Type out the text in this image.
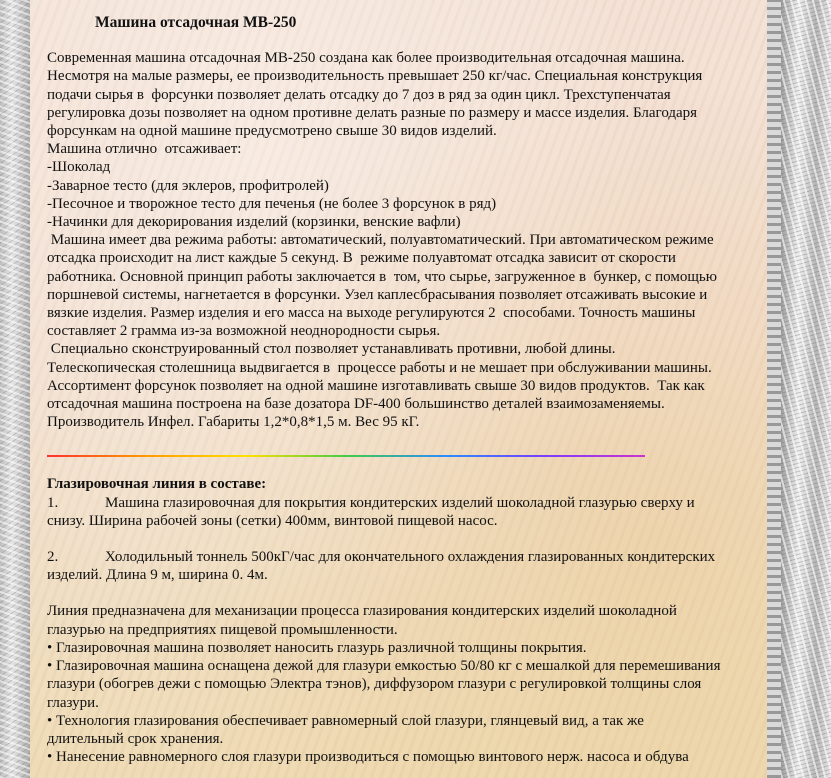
Машина отсадочная МВ-250
Современная машина отсадочная МВ-250 создана как более производительная отсадочная машина.
Несмотря на малые размеры, ее производительность превышает 250 кг/час. Специальная конструкция
подачи сырья в  форсунки позволяет делать отсадку до 7 доз в ряд за один цикл. Трехступенчатая
регулировка дозы позволяет на одном противне делать разные по размеру и массе изделия. Благодаря
форсункам на одной машине предусмотрено свыше 30 видов изделий.
Машина отлично  отсаживает:
-Шоколад
-Заварное тесто (для эклеров, профитролей)
-Песочное и творожное тесто для печенья (не более 3 форсунок в ряд)
-Начинки для декорирования изделий (корзинки, венские вафли)
Машина имеет два режима работы: автоматический, полуавтоматический. При автоматическом режиме
отсадка происходит на лист каждые 5 секунд. В  режиме полуавтомат отсадка зависит от скорости
работника. Основной принцип работы заключается в  том, что сырье, загруженное в  бункер, с помощью
поршневой системы, нагнетается в форсунки. Узел каплесбрасывания позволяет отсаживать высокие и
вязкие изделия. Размер изделия и его масса на выходе регулируются 2  способами. Точность машины
составляет 2 грамма из-за возможной неоднородности сырья.
Специально сконструированный стол позволяет устанавливать противни, любой длины.
Телескопическая столешница выдвигается в  процессе работы и не мешает при обслуживании машины.
Ассортимент форсунок позволяет на одной машине изготавливать свыше 30 видов продуктов.  Так как
отсадочная машина построена на базе дозатора DF-400 большинство деталей взаимозаменяемы.
Производитель Инфел. Габариты 1,2*0,8*1,5 м. Вес 95 кГ.
Глазировочная линия в составе:
1.	Машина глазировочная для покрытия кондитерских изделий шоколадной глазурью сверху и
снизу. Ширина рабочей зоны (сетки) 400мм, винтовой пищевой насос.
2.	Холодильный тоннель 500кГ/час для окончательного охлаждения глазированных кондитерских
изделий. Длина 9 м, ширина 0. 4м.
Линия предназначена для механизации процесса глазирования кондитерских изделий шоколадной
глазурью на предприятиях пищевой промышленности.
• Глазировочная машина позволяет наносить глазурь различной толщины покрытия.
• Глазировочная машина оснащена дежой для глазури емкостью 50/80 кг с мешалкой для перемешивания
глазури (обогрев дежи с помощью Электра тэнов), диффузором глазури с регулировкой толщины слоя
глазури.
• Технология глазирования обеспечивает равномерный слой глазури, глянцевый вид, а так же
длительный срок хранения.
• Нанесение равномерного слоя глазури производиться с помощью винтового нерж. насоса и обдува
